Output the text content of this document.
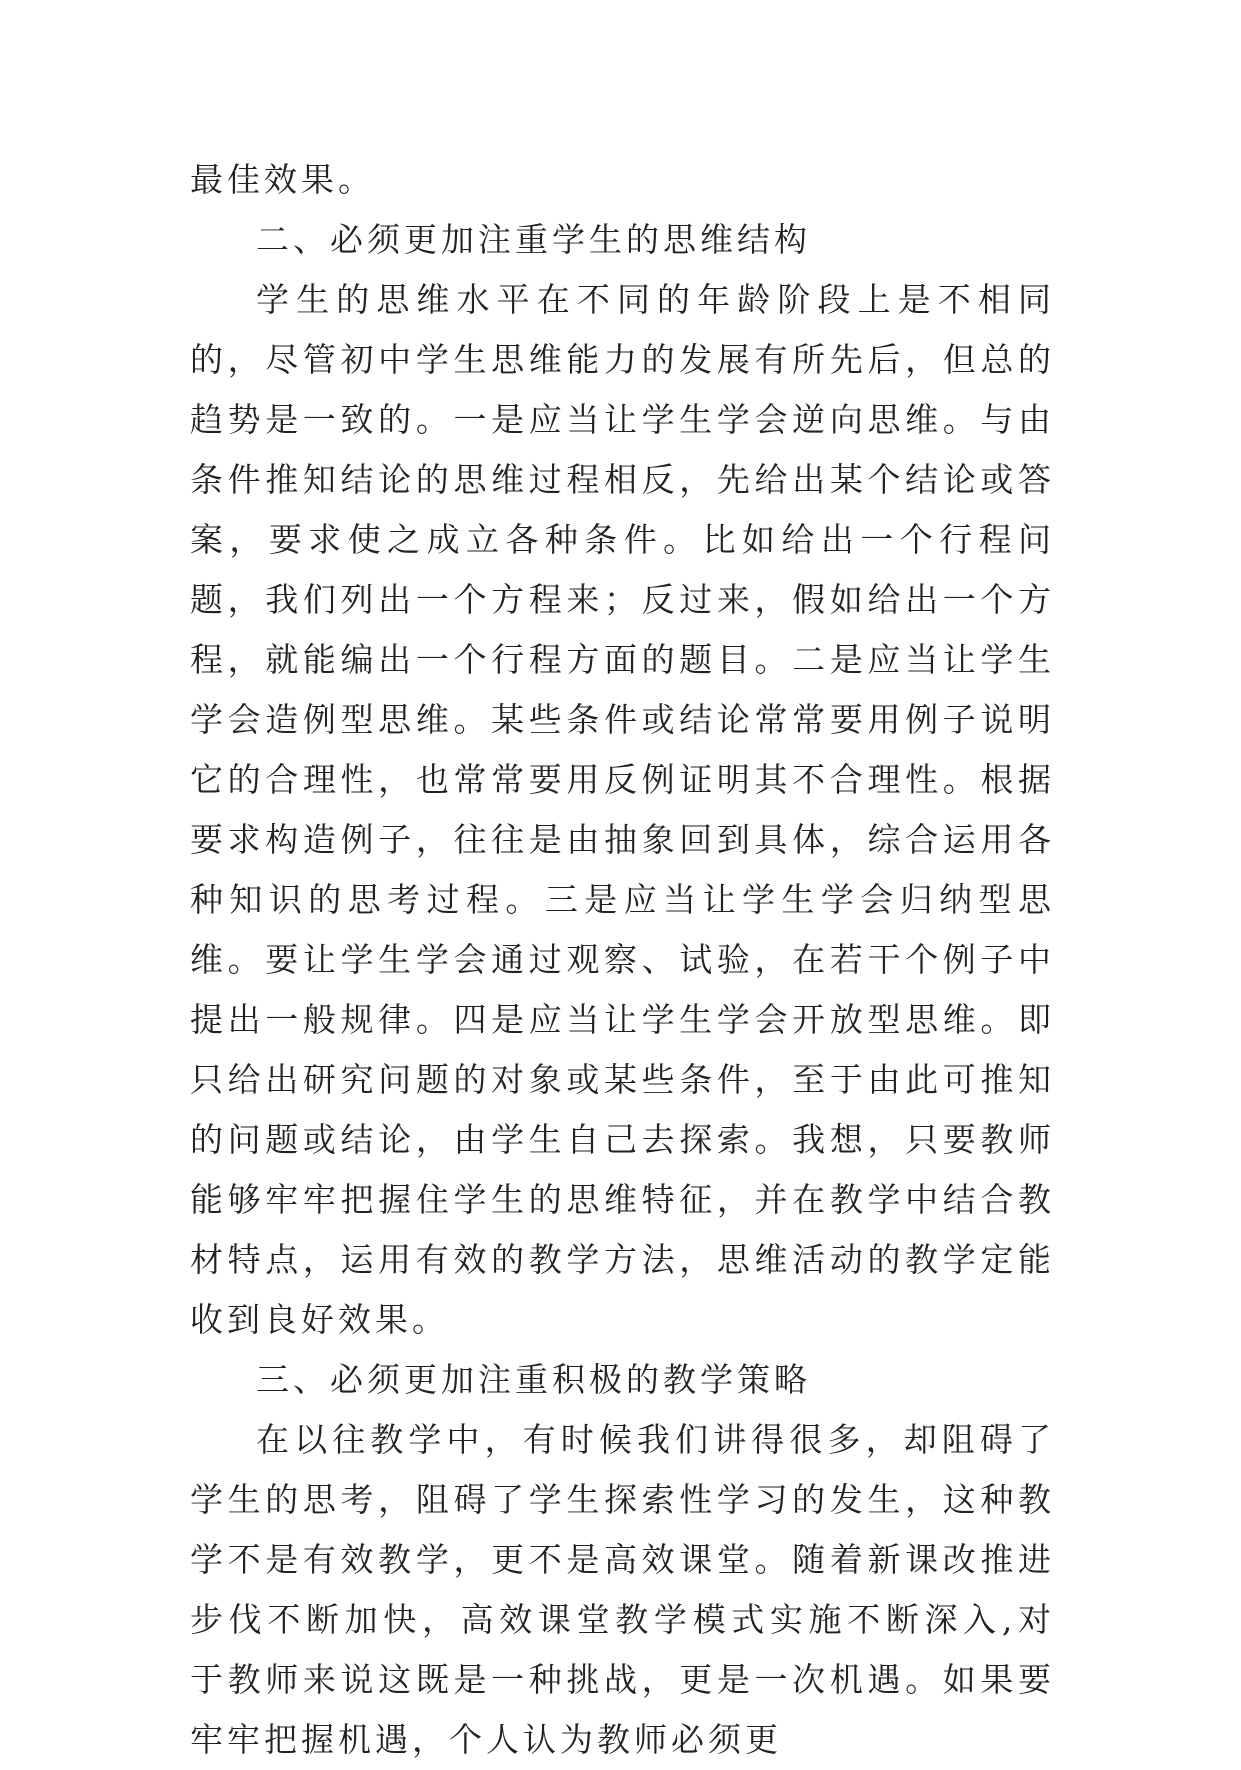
最佳效果。

二、必须更加注重学生的思维结构

学生的思维水平在不同的年龄阶段上是不相同的，尽管初中学生思维能力的发展有所先后，但总的趋势是一致的。一是应当让学生学会逆向思维。与由条件推知结论的思维过程相反，先给出某个结论或答案，要求使之成立各种条件。比如给出一个行程问题，我们列出一个方程来；反过来，假如给出一个方程，就能编出一个行程方面的题目。二是应当让学生学会造例型思维。某些条件或结论常常要用例子说明它的合理性，也常常要用反例证明其不合理性。根据要求构造例子，往往是由抽象回到具体，综合运用各种知识的思考过程。三是应当让学生学会归纳型思维。要让学生学会通过观察、试验，在若干个例子中提出一般规律。四是应当让学生学会开放型思维。即只给出研究问题的对象或某些条件，至于由此可推知的问题或结论，由学生自己去探索。我想，只要教师能够牢牢把握住学生的思维特征，并在教学中结合教材特点，运用有效的教学方法，思维活动的教学定能收到良好效果。

三、必须更加注重积极的教学策略

在以往教学中，有时候我们讲得很多，却阻碍了学生的思考，阻碍了学生探索性学习的发生，这种教学不是有效教学，更不是高效课堂。随着新课改推进步伐不断加快，高效课堂教学模式实施不断深入,对于教师来说这既是一种挑战，更是一次机遇。如果要牢牢把握机遇，个人认为教师必须更
